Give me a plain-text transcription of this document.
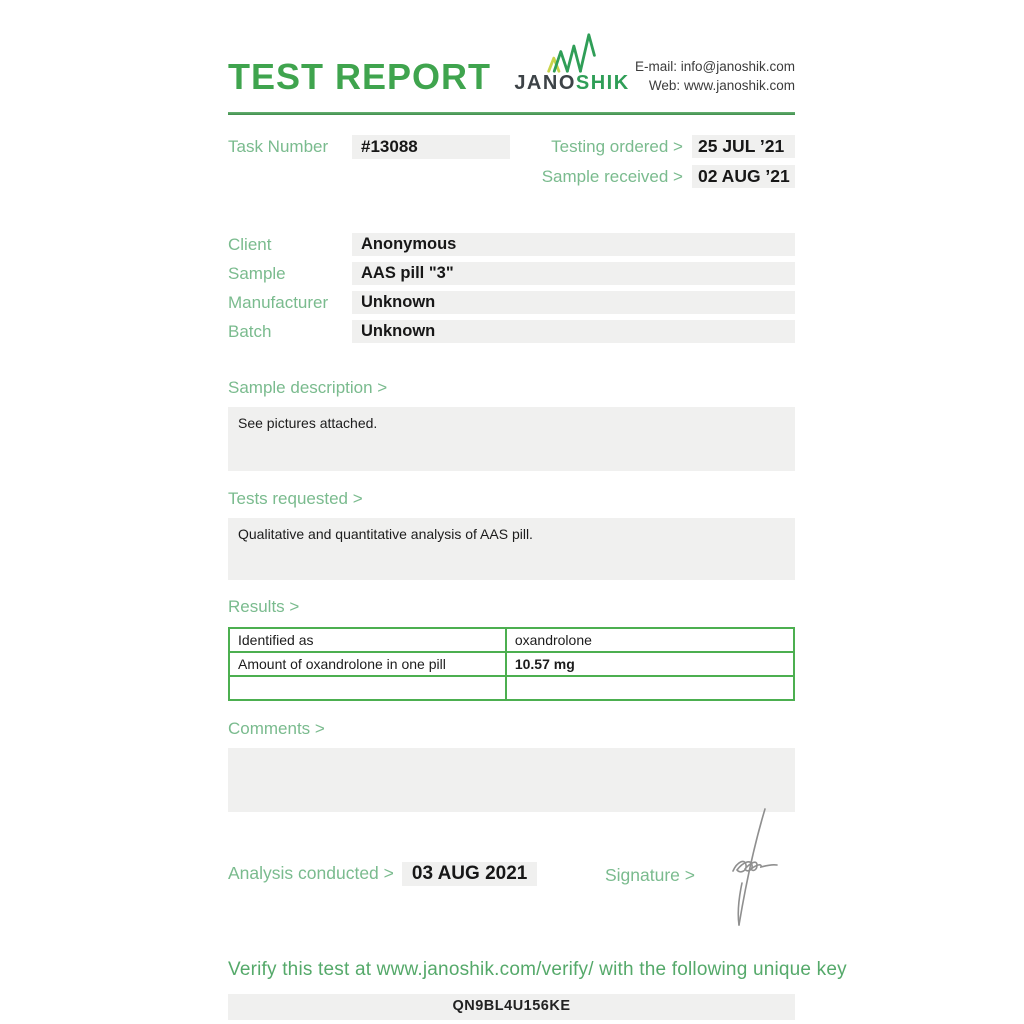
TEST REPORT JANOSHIK
E-mail: info@janoshik.com
Web: www.janoshik.com
Task Number	#13088	Testing ordered > 25 JUL ’21
Sample received > 02 AUG ’21
Client	Anonymous
Sample	AAS pill "3"
Manufacturer	Unknown
Batch	Unknown
Sample description >
See pictures attached.
Tests requested >
Qualitative and quantitative analysis of AAS pill.
Results >
Identified as	oxandrolone
Amount of oxandrolone in one pill	10.57 mg

Comments >
Analysis conducted > 03 AUG 2021	Signature >
Verify this test at www.janoshik.com/verify/ with the following unique key
QN9BL4U156KE
